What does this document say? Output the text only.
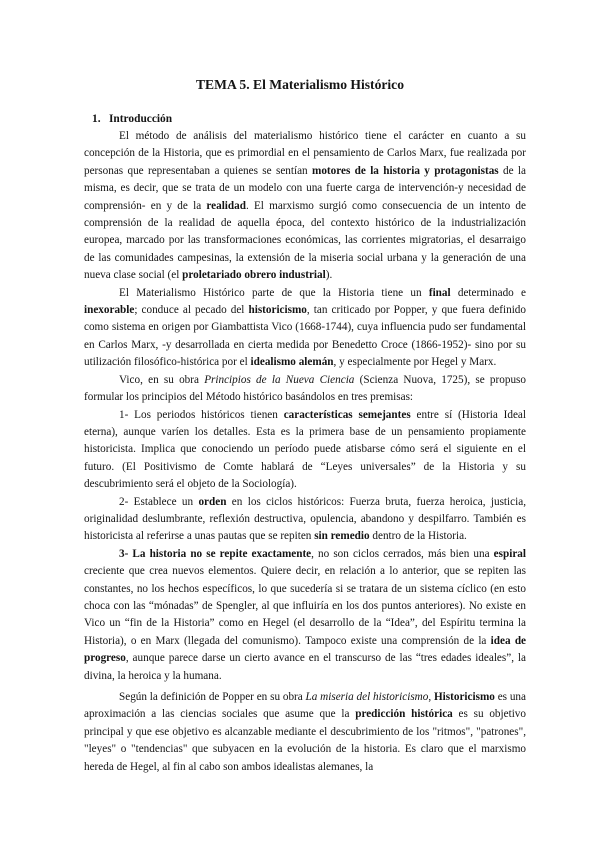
TEMA 5. El Materialismo Histórico
1. Introducción

El método de análisis del materialismo histórico tiene el carácter en cuanto a su concepción de la Historia, que es primordial en el pensamiento de Carlos Marx, fue realizada por personas que representaban a quienes se sentían motores de la historia y protagonistas de la misma, es decir, que se trata de un modelo con una fuerte carga de intervención-y necesidad de comprensión- en y de la realidad. El marxismo surgió como consecuencia de un intento de comprensión de la realidad de aquella época, del contexto histórico de la industrialización europea, marcado por las transformaciones económicas, las corrientes migratorias, el desarraigo de las comunidades campesinas, la extensión de la miseria social urbana y la generación de una nueva clase social (el proletariado obrero industrial).

El Materialismo Histórico parte de que la Historia tiene un final determinado e inexorable; conduce al pecado del historicismo, tan criticado por Popper, y que fuera definido como sistema en origen por Giambattista Vico (1668-1744), cuya influencia pudo ser fundamental en Carlos Marx, -y desarrollada en cierta medida por Benedetto Croce (1866-1952)- sino por su utilización filosófico-histórica por el idealismo alemán, y especialmente por Hegel y Marx.

Vico, en su obra Principios de la Nueva Ciencia (Scienza Nuova, 1725), se propuso formular los principios del Método histórico basándolos en tres premisas:

1- Los periodos históricos tienen características semejantes entre sí (Historia Ideal eterna), aunque varíen los detalles. Esta es la primera base de un pensamiento propiamente historicista. Implica que conociendo un período puede atisbarse cómo será el siguiente en el futuro. (El Positivismo de Comte hablará de “Leyes universales” de la Historia y su descubrimiento será el objeto de la Sociología).

2- Establece un orden en los ciclos históricos: Fuerza bruta, fuerza heroica, justicia, originalidad deslumbrante, reflexión destructiva, opulencia, abandono y despilfarro. También es historicista al referirse a unas pautas que se repiten sin remedio dentro de la Historia.

3- La historia no se repite exactamente, no son ciclos cerrados, más bien una espiral creciente que crea nuevos elementos. Quiere decir, en relación a lo anterior, que se repiten las constantes, no los hechos específicos, lo que sucedería si se tratara de un sistema cíclico (en esto choca con las “mónadas” de Spengler, al que influiría en los dos puntos anteriores). No existe en Vico un “fin de la Historia” como en Hegel (el desarrollo de la “Idea”, del Espíritu termina la Historia), o en Marx (llegada del comunismo). Tampoco existe una comprensión de la idea de progreso, aunque parece darse un cierto avance en el transcurso de las “tres edades ideales”, la divina, la heroica y la humana.

Según la definición de Popper en su obra La miseria del historicismo, Historicismo es una aproximación a las ciencias sociales que asume que la predicción histórica es su objetivo principal y que ese objetivo es alcanzable mediante el descubrimiento de los "ritmos", "patrones", "leyes" o "tendencias" que subyacen en la evolución de la historia. Es claro que el marxismo hereda de Hegel, al fin al cabo son ambos idealistas alemanes, la
